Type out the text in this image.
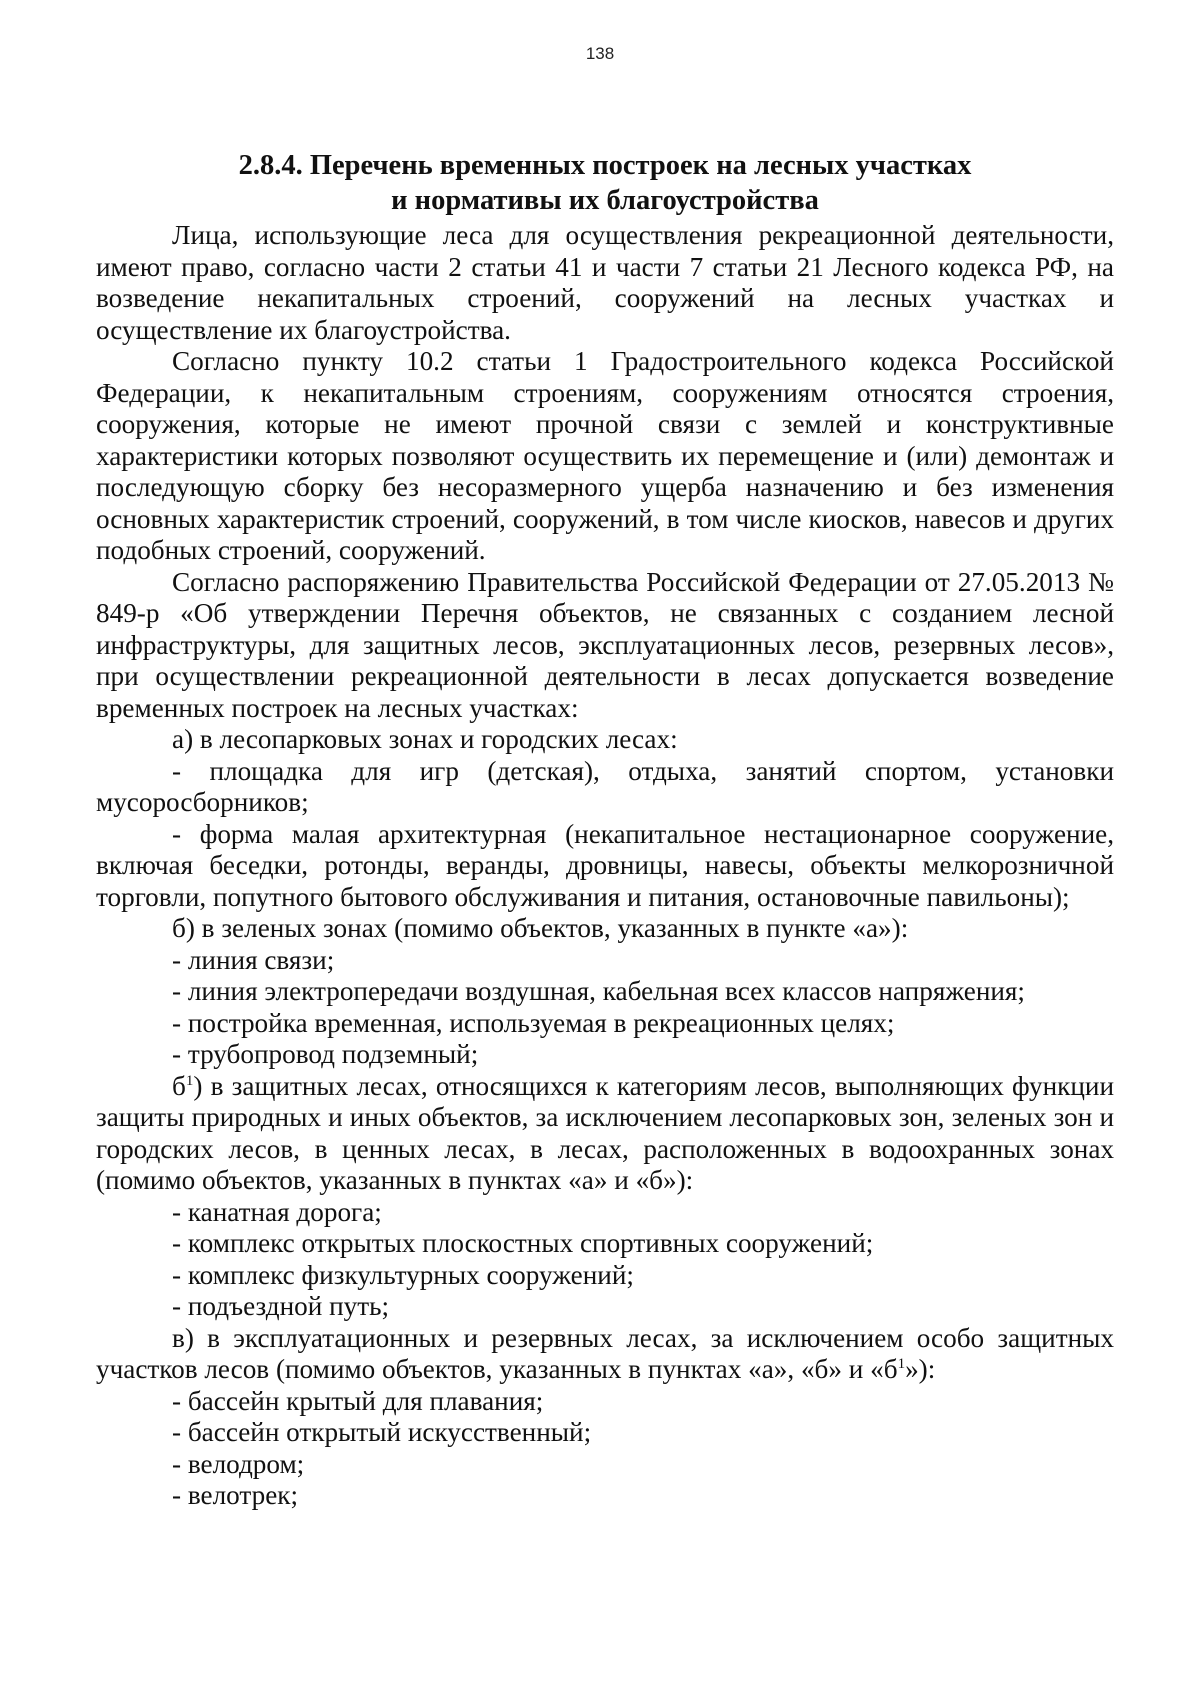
138
2.8.4. Перечень временных построек на лесных участках
и нормативы их благоустройства

Лица, использующие леса для осуществления рекреационной деятельности, имеют право, согласно части 2 статьи 41 и части 7 статьи 21 Лесного кодекса РФ, на возведение некапитальных строений, сооружений на лесных участках и осуществление их благоустройства.

Согласно пункту 10.2 статьи 1 Градостроительного кодекса Российской Федерации, к некапитальным строениям, сооружениям относятся строения, сооружения, которые не имеют прочной связи с землей и конструктивные характеристики которых позволяют осуществить их перемещение и (или) демонтаж и последующую сборку без несоразмерного ущерба назначению и без изменения основных характеристик строений, сооружений, в том числе киосков, навесов и других подобных строений, сооружений.

Согласно распоряжению Правительства Российской Федерации от 27.05.2013 № 849-р «Об утверждении Перечня объектов, не связанных с созданием лесной инфраструктуры, для защитных лесов, эксплуатационных лесов, резервных лесов», при осуществлении рекреационной деятельности в лесах допускается возведение временных построек на лесных участках:

а) в лесопарковых зонах и городских лесах:

- площадка для игр (детская), отдыха, занятий спортом, установки мусоросборников;

- форма малая архитектурная (некапитальное нестационарное сооружение, включая беседки, ротонды, веранды, дровницы, навесы, объекты мелкорозничной торговли, попутного бытового обслуживания и питания, остановочные павильоны);

б) в зеленых зонах (помимо объектов, указанных в пункте «а»):

- линия связи;

- линия электропередачи воздушная, кабельная всех классов напряжения;

- постройка временная, используемая в рекреационных целях;

- трубопровод подземный;

$б^1$) в защитных лесах, относящихся к категориям лесов, выполняющих функции защиты природных и иных объектов, за исключением лесопарковых зон, зеленых зон и городских лесов, в ценных лесах, в лесах, расположенных в водоохранных зонах (помимо объектов, указанных в пунктах «а» и «б»):

- канатная дорога;

- комплекс открытых плоскостных спортивных сооружений;

- комплекс физкультурных сооружений;

- подъездной путь;

в) в эксплуатационных и резервных лесах, за исключением особо защитных участков лесов (помимо объектов, указанных в пунктах «а», «б» и «$б^1$»):

- бассейн крытый для плавания;

- бассейн открытый искусственный;

- велодром;

- велотрек;
